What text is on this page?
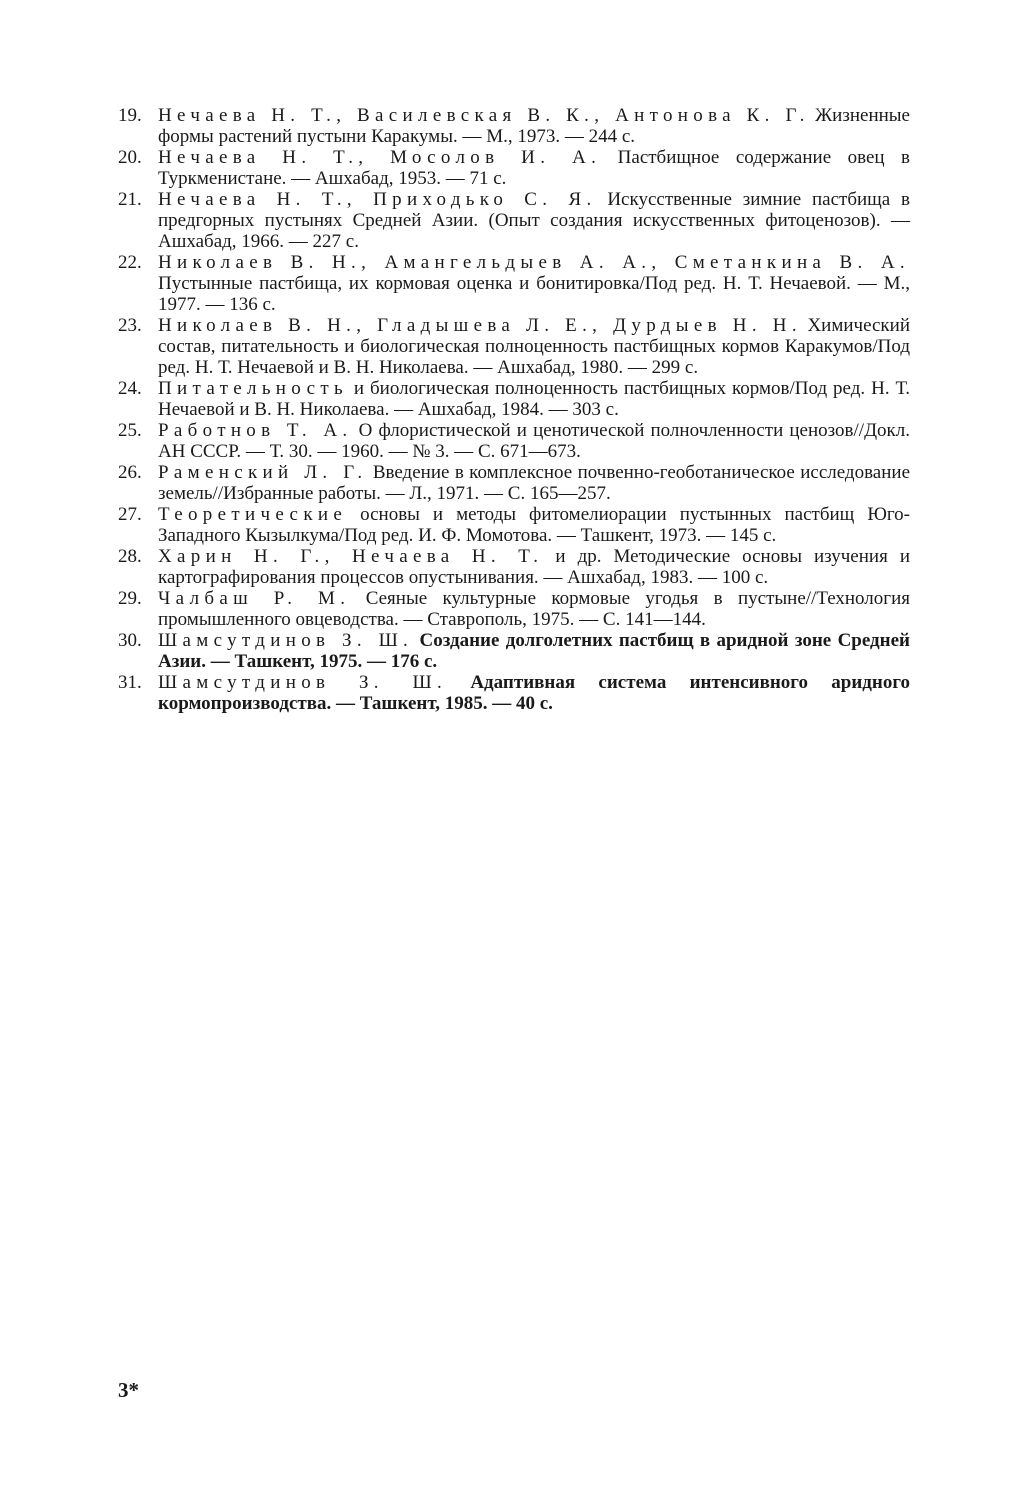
19. Нечаева Н. Т., Василевская В. К., Антонова К. Г. Жизненные формы растений пустыни Каракумы. — М., 1973. — 244 с.
20. Нечаева Н. Т., Мосолов И. А. Пастбищное содержание овец в Туркменистане. — Ашхабад, 1953. — 71 с.
21. Нечаева Н. Т., Приходько С. Я. Искусственные зимние пастбища в предгорных пустынях Средней Азии. (Опыт создания искусственных фитоценозов). — Ашхабад, 1966. — 227 с.
22. Николаев В. Н., Амангельдыев А. А., Сметанкина В. А. Пустынные пастбища, их кормовая оценка и бонитировка/Под ред. Н. Т. Нечаевой. — М., 1977. — 136 с.
23. Николаев В. Н., Гладышева Л. Е., Дурдыев Н. Н. Химический состав, питательность и биологическая полноценность пастбищных кормов Каракумов/Под ред. Н. Т. Нечаевой и В. Н. Николаева. — Ашхабад, 1980. — 299 с.
24. Питательность и биологическая полноценность пастбищных кормов/Под ред. Н. Т. Нечаевой и В. Н. Николаева. — Ашхабад, 1984. — 303 с.
25. Работнов Т. А. О флористической и ценотической полночленности ценозов//Докл. АН СССР. — Т. 30. — 1960. — № 3. — С. 671—673.
26. Раменский Л. Г. Введение в комплексное почвенно-геоботаническое исследование земель//Избранные работы. — Л., 1971. — С. 165—257.
27. Теоретические основы и методы фитомелиорации пустынных пастбищ Юго-Западного Кызылкума/Под ред. И. Ф. Момотова. — Ташкент, 1973. — 145 с.
28. Харин Н. Г., Нечаева Н. Т. и др. Методические основы изучения и картографирования процессов опустынивания. — Ашхабад, 1983. — 100 с.
29. Чалбаш Р. М. Сеяные культурные кормовые угодья в пустыне//Технология промышленного овцеводства. — Ставрополь, 1975. — С. 141—144.
30. Шамсутдинов З. Ш. Создание долголетних пастбищ в аридной зоне Средней Азии. — Ташкент, 1975. — 176 с.
31. Шамсутдинов З. Ш. Адаптивная система интенсивного аридного кормопроизводства. — Ташкент, 1985. — 40 с.
3*
